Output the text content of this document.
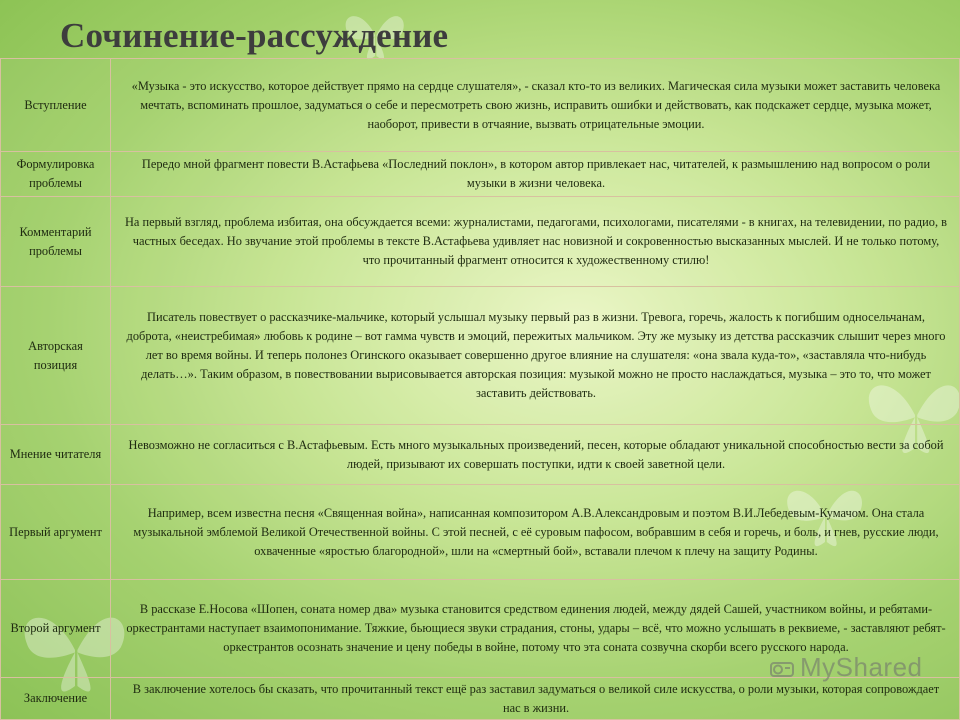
Сочинение-рассуждение
Вступление	«Музыка - это искусство, которое действует прямо на сердце слушателя», - сказал кто-то из великих. Магическая сила музыки может заставить человека мечтать, вспоминать прошлое, задуматься о себе и пересмотреть свою жизнь, исправить ошибки и действовать, как подскажет сердце, музыка может, наоборот, привести в отчаяние, вызвать отрицательные эмоции.
Формулировка проблемы	Передо мной фрагмент повести В.Астафьева «Последний поклон», в котором автор привлекает нас, читателей, к размышлению над вопросом о роли музыки в жизни человека.
Комментарий проблемы	На первый взгляд, проблема избитая, она обсуждается всеми: журналистами, педагогами, психологами, писателями - в книгах, на телевидении, по радио, в частных беседах. Но звучание этой проблемы в тексте В.Астафьева удивляет нас новизной и сокровенностью высказанных мыслей. И не только потому, что прочитанный фрагмент относится к художественному стилю!
Авторская позиция	Писатель повествует о рассказчике-мальчике, который услышал музыку первый раз в жизни. Тревога, горечь, жалость к погибшим односельчанам, доброта, «неистребимая» любовь к родине – вот гамма чувств и эмоций, пережитых мальчиком. Эту же музыку из детства рассказчик слышит через много лет во время войны. И теперь полонез Огинского оказывает совершенно другое влияние на слушателя: «она звала куда-то», «заставляла что-нибудь делать…». Таким образом, в повествовании вырисовывается авторская позиция: музыкой можно не просто наслаждаться, музыка – это то, что может заставить действовать.
Мнение читателя	Невозможно не согласиться с В.Астафьевым. Есть много музыкальных произведений, песен, которые обладают уникальной способностью вести за собой людей, призывают их совершать поступки, идти к своей заветной цели.
Первый аргумент	Например, всем известна песня «Священная война», написанная композитором А.В.Александровым и поэтом В.И.Лебедевым-Кумачом. Она стала музыкальной эмблемой Великой Отечественной войны. С этой песней, с её суровым пафосом, вобравшим в себя и горечь, и боль, и гнев, русские люди, охваченные «яростью благородной», шли на «смертный бой», вставали плечом к плечу на защиту Родины.
Второй аргумент	В рассказе Е.Носова «Шопен, соната номер два» музыка становится средством единения людей, между дядей Сашей, участником войны, и ребятами-оркестрантами наступает взаимопонимание. Тяжкие, бьющиеся звуки страдания, стоны, удары – всё, что можно услышать в реквиеме, - заставляют ребят-оркестрантов осознать значение и цену победы в войне, потому что эта соната созвучна скорби всего русского народа.
Заключение	В заключение хотелось бы сказать, что прочитанный текст ещё раз заставил задуматься о великой силе искусства, о роли музыки, которая сопровождает нас в жизни.
MyShared
